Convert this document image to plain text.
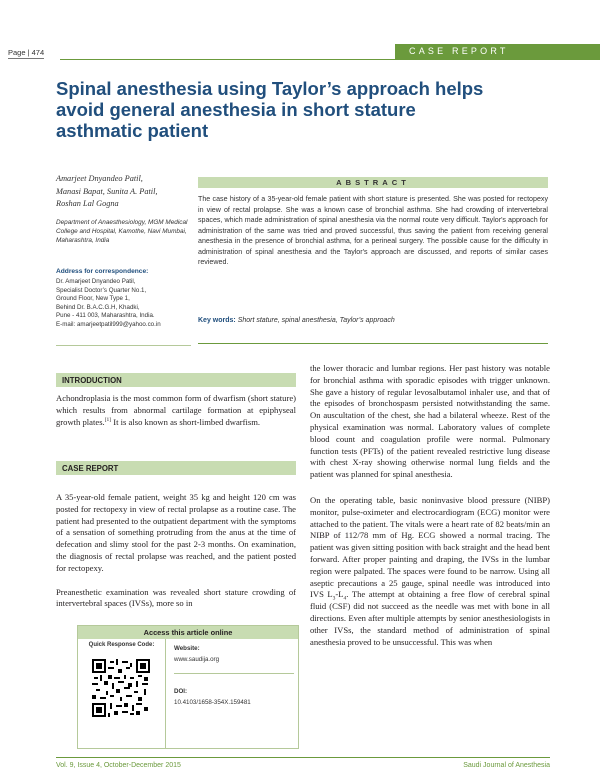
Page | 474	CASE REPORT
Spinal anesthesia using Taylor’s approach helps avoid general anesthesia in short stature asthmatic patient
Amarjeet Dnyandeo Patil,
Manasi Bapat, Sunita A. Patil,
Roshan Lal Gogna
Department of Anaesthesiology, MGM Medical College and Hospital, Kamothe, Navi Mumbai, Maharashtra, India
Address for correspondence:
Dr. Amarjeet Dnyandeo Patil,
Specialist Doctor’s Quarter No.1,
Ground Floor, New Type 1,
Behind Dr. B.A.C.G.H, Khadki,
Pune - 411 003, Maharashtra, India.
E-mail: amarjeetpatil999@yahoo.co.in
ABSTRACT

The case history of a 35-year-old female patient with short stature is presented. She was posted for rectopexy in view of rectal prolapse. She was a known case of bronchial asthma. She had crowding of intervertebral spaces, which made administration of spinal anesthesia via the normal route very difficult. Taylor's approach for administration of the same was tried and proved successful, thus saving the patient from receiving general anesthesia in the presence of bronchial asthma, for a perineal surgery. The possible cause for the difficulty in administration of spinal anesthesia and the Taylor's approach are discussed, and reports of similar cases reviewed.

Key words: Short stature, spinal anesthesia, Taylor’s approach
INTRODUCTION

Achondroplasia is the most common form of dwarfism (short stature) which results from abnormal cartilage formation at epiphyseal growth plates.[1] It is also known as short-limbed dwarfism.

CASE REPORT

A 35-year-old female patient, weight 35 kg and height 120 cm was posted for rectopexy in view of rectal prolapse as a routine case. The patient had presented to the outpatient department with the symptoms of a sensation of something protruding from the anus at the time of defecation and slimy stool for the past 2-3 months. On examination, the diagnosis of rectal prolapse was reached, and the patient posted for rectopexy.

Preanesthetic examination was revealed short stature crowding of intervertebral spaces (IVSs), more so in

the lower thoracic and lumbar regions. Her past history was notable for bronchial asthma with sporadic episodes with trigger unknown. She gave a history of regular levosalbutamol inhaler use, and that of the episodes of bronchospasm persisted notwithstanding the same. On auscultation of the chest, she had a bilateral wheeze. Rest of the physical examination was normal. Laboratory values of complete blood count and coagulation profile were normal. Pulmonary function tests (PFTs) of the patient revealed restrictive lung disease with chest X-ray showing otherwise normal lung fields and the patient was planned for spinal anesthesia.

On the operating table, basic noninvasive blood pressure (NIBP) monitor, pulse-oximeter and electrocardiogram (ECG) monitor were attached to the patient. The vitals were a heart rate of 82 beats/min an NIBP of 112/78 mm of Hg. ECG showed a normal tracing. The patient was given sitting position with back straight and the head bent forward. After proper painting and draping, the IVSs in the lumbar region were palpated. The spaces were found to be narrow. Using all aseptic precautions a 25 gauge, spinal needle was introduced into IVS $L_3-L_4$. The attempt at obtaining a free flow of cerebral spinal fluid (CSF) did not succeed as the needle was met with bone in all directions. Even after multiple attempts by senior anesthesiologists in other IVSs, the standard method of administration of spinal anesthesia proved to be unsuccessful. This was when

Access this article online
Quick Response Code:	Website:
www.saudija.org
DOI:
10.4103/1658-354X.159481
Vol. 9, Issue 4, October-December 2015	Saudi Journal of Anesthesia
